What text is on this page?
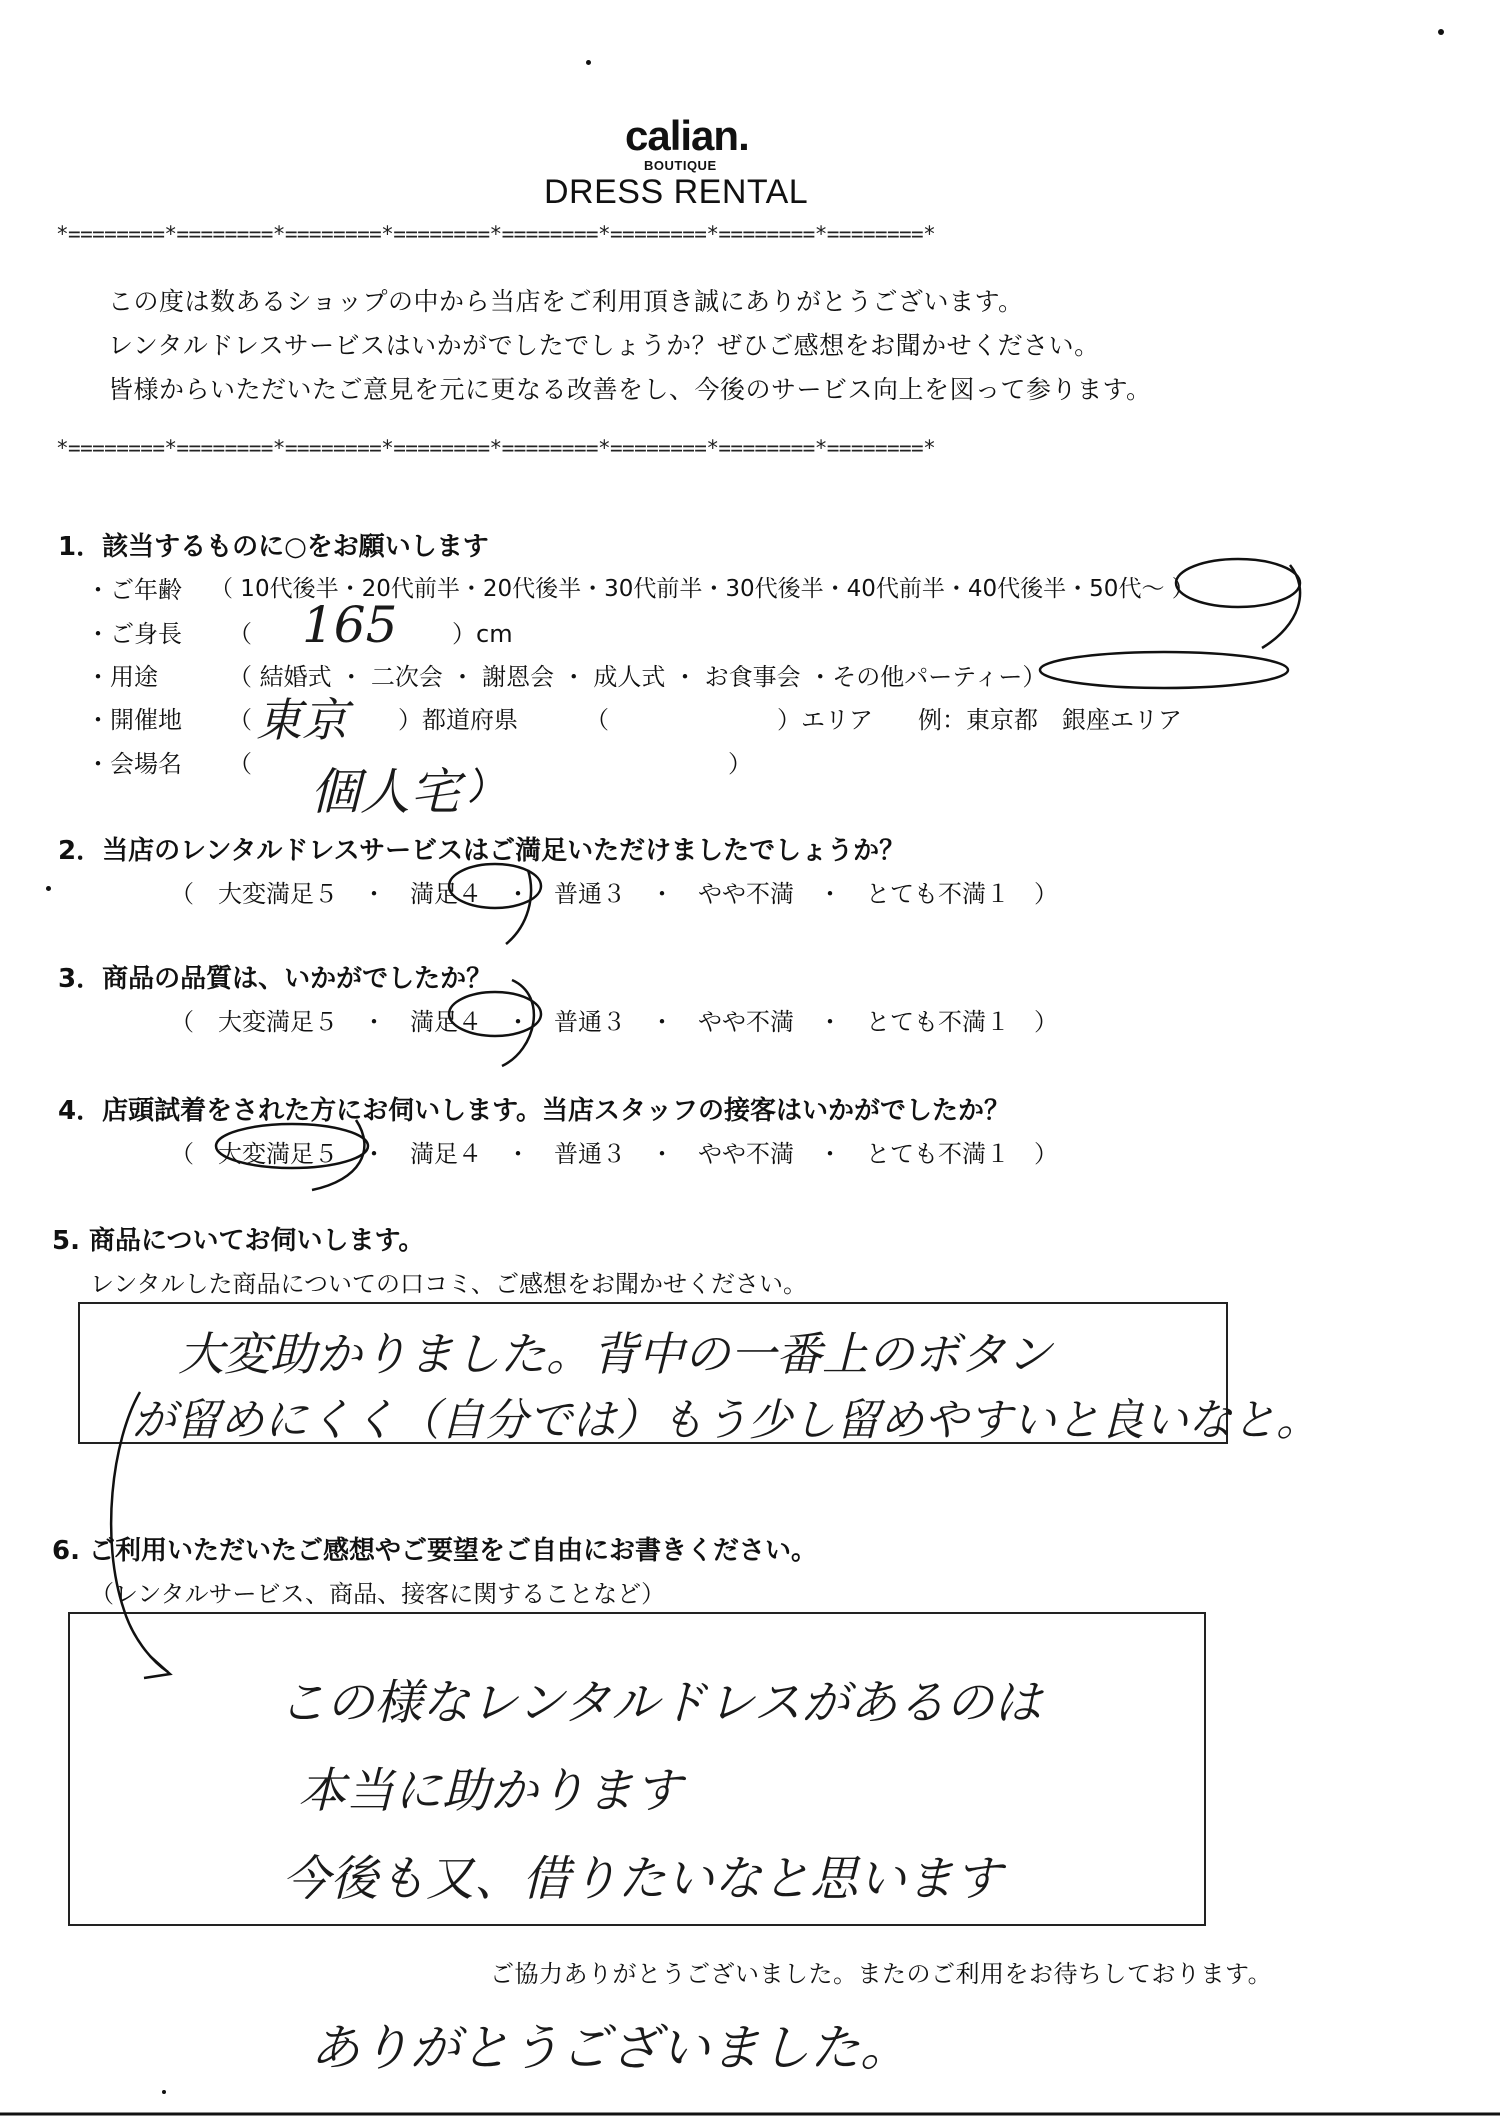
calian.
BOUTIQUE
DRESS RENTAL
*========*========*========*========*========*========*========*========*
*========*========*========*========*========*========*========*========*
この度は数あるショップの中から当店をご利用頂き誠にありがとうございます。
レンタルドレスサービスはいかがでしたでしょうか？ぜひご感想をお聞かせください。
皆様からいただいたご意見を元に更なる改善をし、今後のサービス向上を図って参ります。
1．該当するものに○をお願いします
・ご年齢 （ 10代後半・20代前半・20代後半・30代前半・30代後半・40代前半・40代後半・50代～ ）
・ご身長 （ 165 ）cm
・用途	（ 結婚式 ・ 二次会 ・ 謝恩会 ・ 成人式 ・ お食事会 ・その他パーティー）
・開催地 （ 東京 ）都道府県	（　　　　　　　）エリア 例：東京都　銀座エリア
・会場名 （ 個人宅	）
2．当店のレンタルドレスサービスはご満足いただけましたでしょうか？
（　大変満足５　・　満足４　・　普通３　・　やや不満　・　とても不満１　）
3．商品の品質は、いかがでしたか？
（　大変満足５　・　満足４　・　普通３　・　やや不満　・　とても不満１　）
4．店頭試着をされた方にお伺いします。当店スタッフの接客はいかがでしたか？
（　大変満足５　・　満足４　・　普通３　・　やや不満　・　とても不満１　）
5. 商品についてお伺いします。
レンタルした商品についての口コミ、ご感想をお聞かせください。
大変助かりました。背中の一番上のボタン
が留めにくく（自分では）もう少し留めやすいと良いなと。
6. ご利用いただいたご感想やご要望をご自由にお書きください。
（レンタルサービス、商品、接客に関することなど）
この様なレンタルドレスがあるのは
本当に助かります
今後も又、借りたいなと思います
ご協力ありがとうございました。またのご利用をお待ちしております。
ありがとうございました。
